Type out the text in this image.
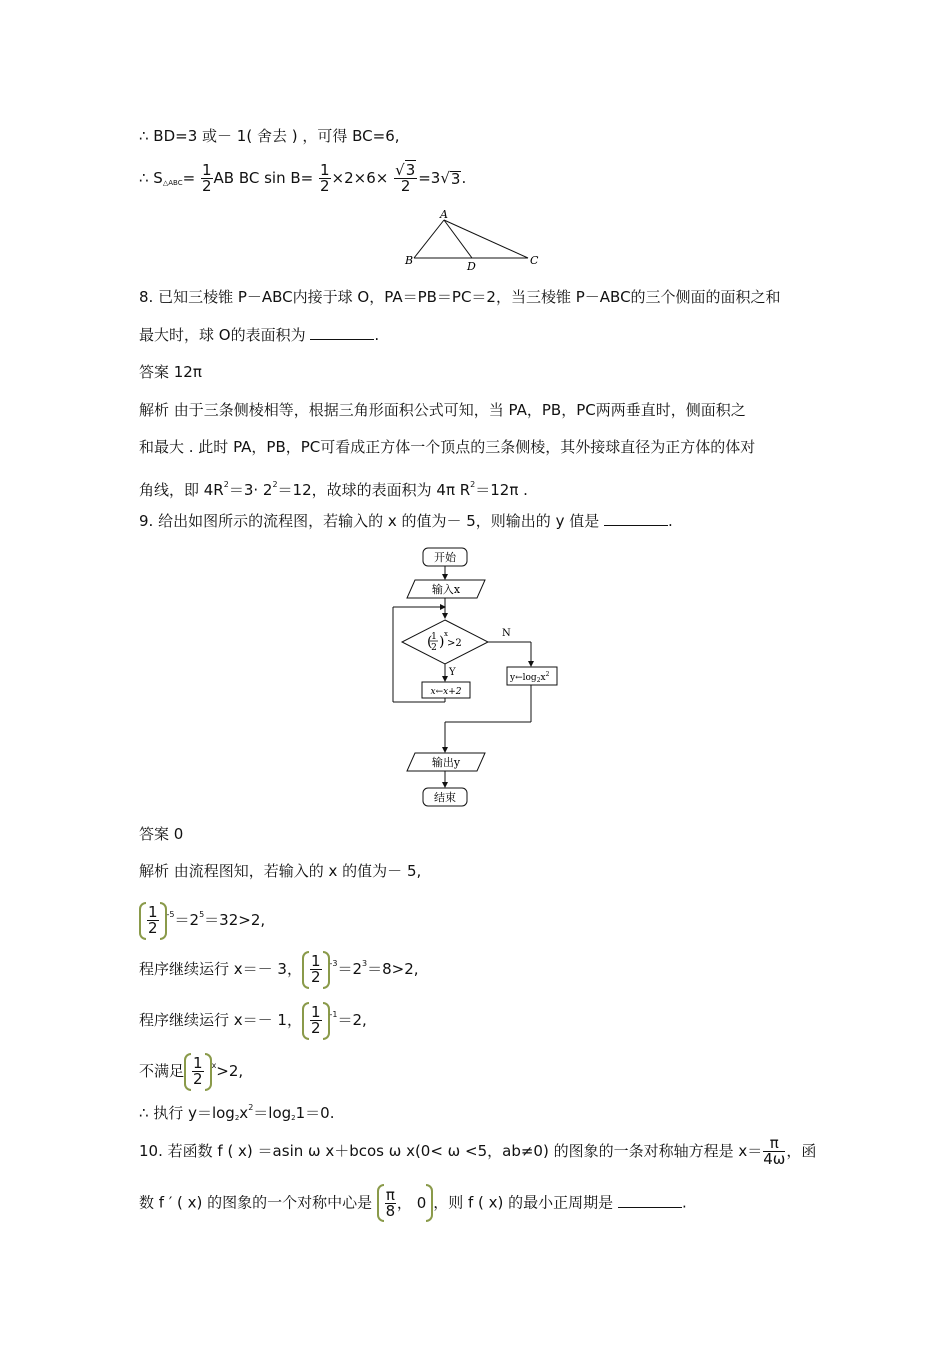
∴ BD=3 或－ 1( 舍去 ) ，可得 BC=6,
∴ $S_{\triangle ABC}= \frac{1}{2}$ AB BC $\sin B= \frac{1}{2} \times 2\times 6\times \frac{√3}{2} =3√3$.
A
B	C
D
8. 已知三棱锥 P－ABC内接于球 O，PA＝PB＝PC＝2，当三棱锥 P－ABC的三个侧面的面积之和
最大时，球 O的表面积为	.
答案 12π
解析 由于三条侧棱相等，根据三角形面积公式可知，当 PA，PB，PC两两垂直时，侧面积之
和最大 . 此时 PA，PB，PC可看成正方体一个顶点的三条侧棱，其外接球直径为正方体的体对
角线，即 $4R^2=3\cdot 2^2=12$，故球的表面积为 4π $R^2=12\pi$ .
9. 给出如图所示的流程图，若输入的 x 的值为－ 5，则输出的 y 值是	.
开始
输入x
1
2
( ) x
>2
N
$y\leftarrow\log_2x^2$
Y
x←x+2
输出y
结束
答案 0
解析 由流程图知，若输入的 x 的值为－ 5,
$\frac{1}{2} ^{-5}=2^5=32>2$,
程序继续运行 x＝－ 3， $\frac{1}{2} ^{-3}=2^3=8>2$,
程序继续运行 x＝－ 1， $\frac{1}{2} ^{-1}=2$,
不满足 $\frac{1}{2} ^x>2$,
∴ 执行 $y=\log_2x^2=\log_21=0$.
10. 若函数 f ( x) ＝asin ω x＋bcos ω x(0< ω <5，ab≠0) 的图象的一条对称轴方程是 $x= \frac{\pi}{4\omega}$ ，函
数 f ′ ( x) 的图象的一个对称中心是 $\frac{\pi}{8}$ ， 0 ，则 f ( x) 的最小正周期是	.
